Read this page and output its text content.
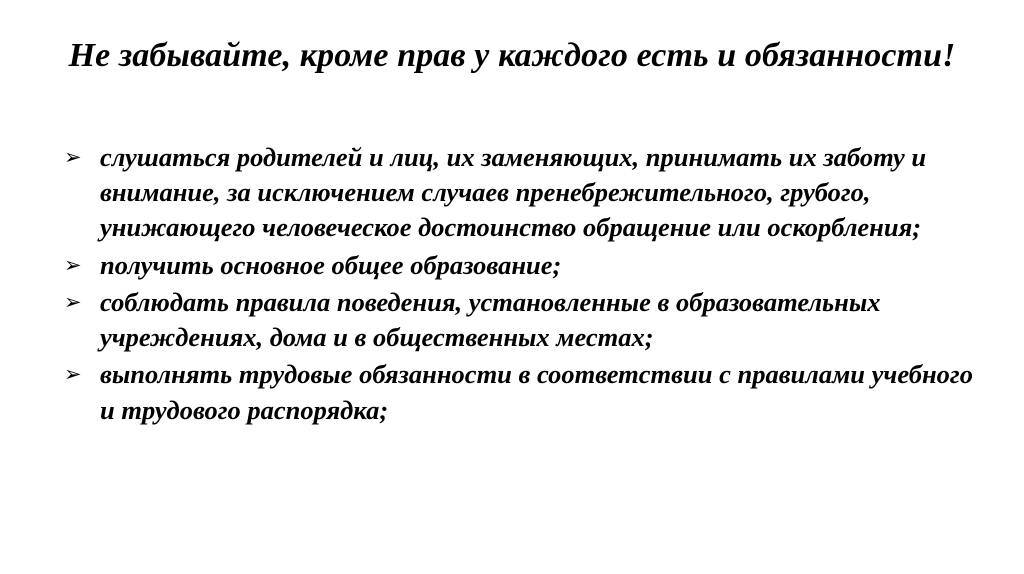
Не забывайте, кроме прав у каждого есть и обязанности!
➢ слушаться родителей и лиц, их заменяющих, принимать их заботу и внимание, за исключением случаев пренебрежительного, грубого, унижающего человеческое достоинство обращение или оскорбления;
➢ получить основное общее образование;
➢ соблюдать правила поведения, установленные в образовательных учреждениях, дома и в общественных местах;
➢ выполнять трудовые обязанности в соответствии с правилами учебного и трудового распорядка;
